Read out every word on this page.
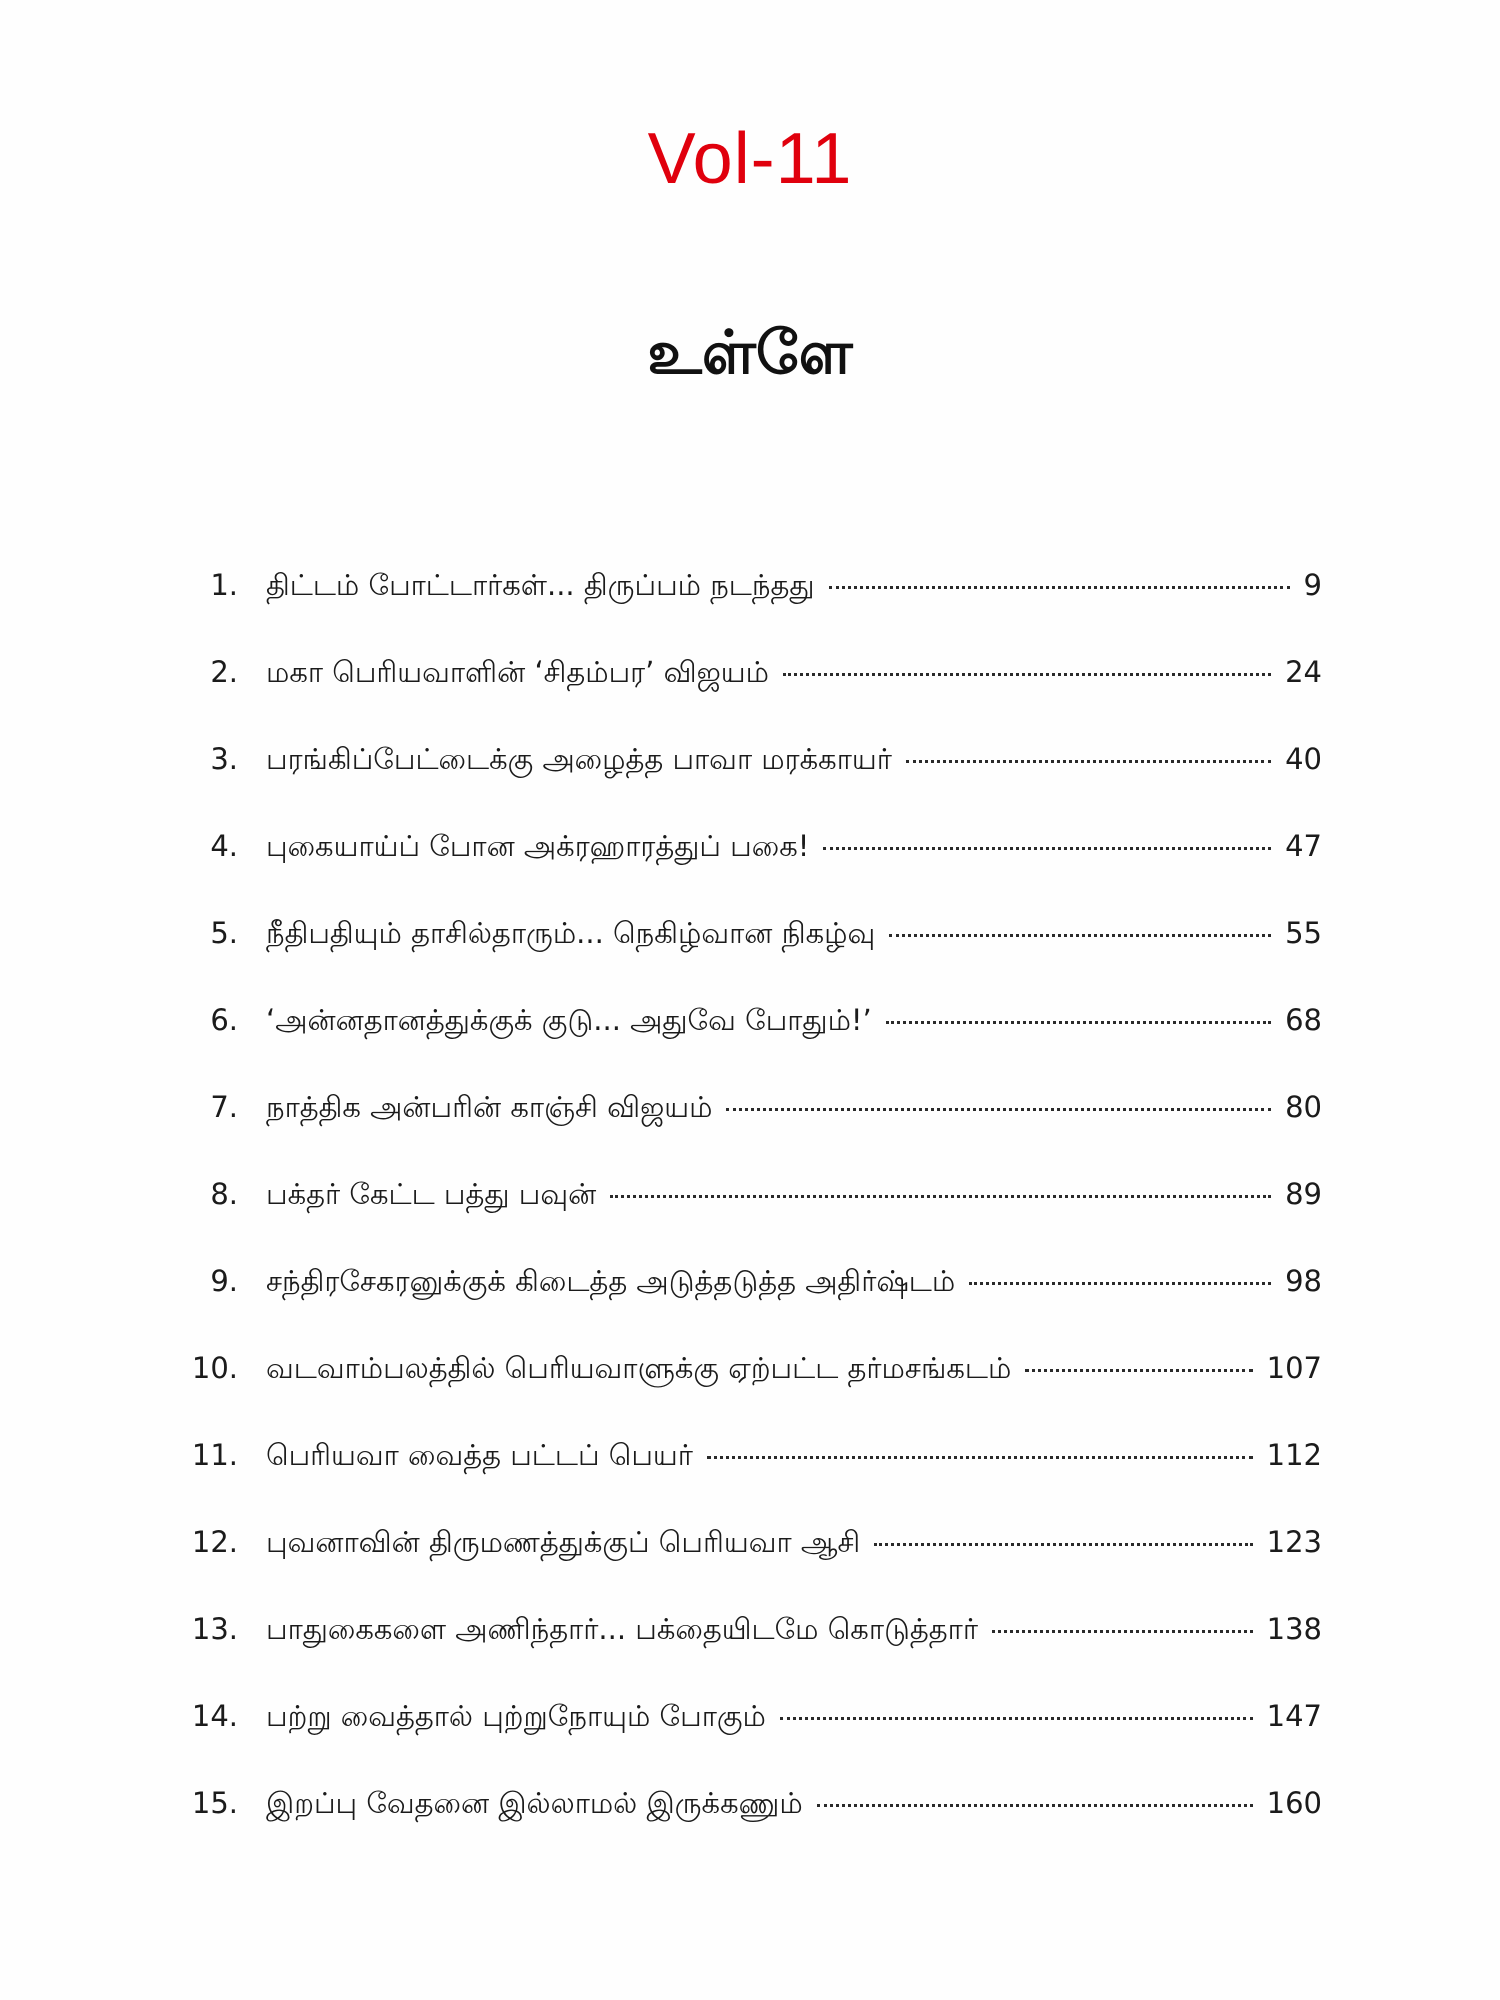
Vol-11
உள்ளே
1. திட்டம் போட்டார்கள்... திருப்பம் நடந்தது	9
2. மகா பெரியவாளின் ‘சிதம்பர’ விஜயம்	24
3. பரங்கிப்பேட்டைக்கு அழைத்த பாவா மரக்காயர்	40
4. புகையாய்ப் போன அக்ரஹாரத்துப் பகை!	47
5. நீதிபதியும் தாசில்தாரும்... நெகிழ்வான நிகழ்வு	55
6. ‘அன்னதானத்துக்குக் குடு... அதுவே போதும்!’	68
7. நாத்திக அன்பரின் காஞ்சி விஜயம்	80
8. பக்தர் கேட்ட பத்து பவுன்	89
9. சந்திரசேகரனுக்குக் கிடைத்த அடுத்தடுத்த அதிர்ஷ்டம்	98
10. வடவாம்பலத்தில் பெரியவாளுக்கு ஏற்பட்ட தர்மசங்கடம்	107
11. பெரியவா வைத்த பட்டப் பெயர்	112
12. புவனாவின் திருமணத்துக்குப் பெரியவா ஆசி	123
13. பாதுகைகளை அணிந்தார்... பக்தையிடமே கொடுத்தார்	138
14. பற்று வைத்தால் புற்றுநோயும் போகும்	147
15. இறப்பு வேதனை இல்லாமல் இருக்கணும்	160
